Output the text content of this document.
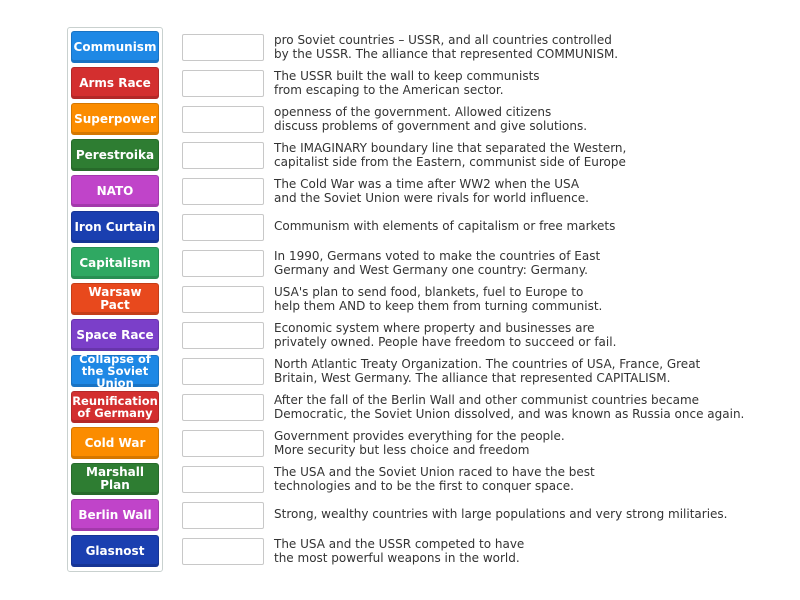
Communism
Arms Race
Superpower
Perestroika
NATO
Iron Curtain
Capitalism
Warsaw Pact
Space Race
Collapse of the Soviet Union
Reunification of Germany
Cold War
Marshall Plan
Berlin Wall
Glasnost
pro Soviet countries – USSR, and all countries controlled
by the USSR. The alliance that represented COMMUNISM.
The USSR built the wall to keep communists
from escaping to the American sector.
openness of the government. Allowed citizens
discuss problems of government and give solutions.
The IMAGINARY boundary line that separated the Western,
capitalist side from the Eastern, communist side of Europe
The Cold War was a time after WW2 when the USA
and the Soviet Union were rivals for world influence.
Communism with elements of capitalism or free markets
In 1990, Germans voted to make the countries of East
Germany and West Germany one country: Germany.
USA's plan to send food, blankets, fuel to Europe to
help them AND to keep them from turning communist.
Economic system where property and businesses are
privately owned. People have freedom to succeed or fail.
North Atlantic Treaty Organization. The countries of USA, France, Great
Britain, West Germany. The alliance that represented CAPITALISM.
After the fall of the Berlin Wall and other communist countries became
Democratic, the Soviet Union dissolved, and was known as Russia once again.
Government provides everything for the people.
More security but less choice and freedom
The USA and the Soviet Union raced to have the best
technologies and to be the first to conquer space.
Strong, wealthy countries with large populations and very strong militaries.
The USA and the USSR competed to have
the most powerful weapons in the world.
